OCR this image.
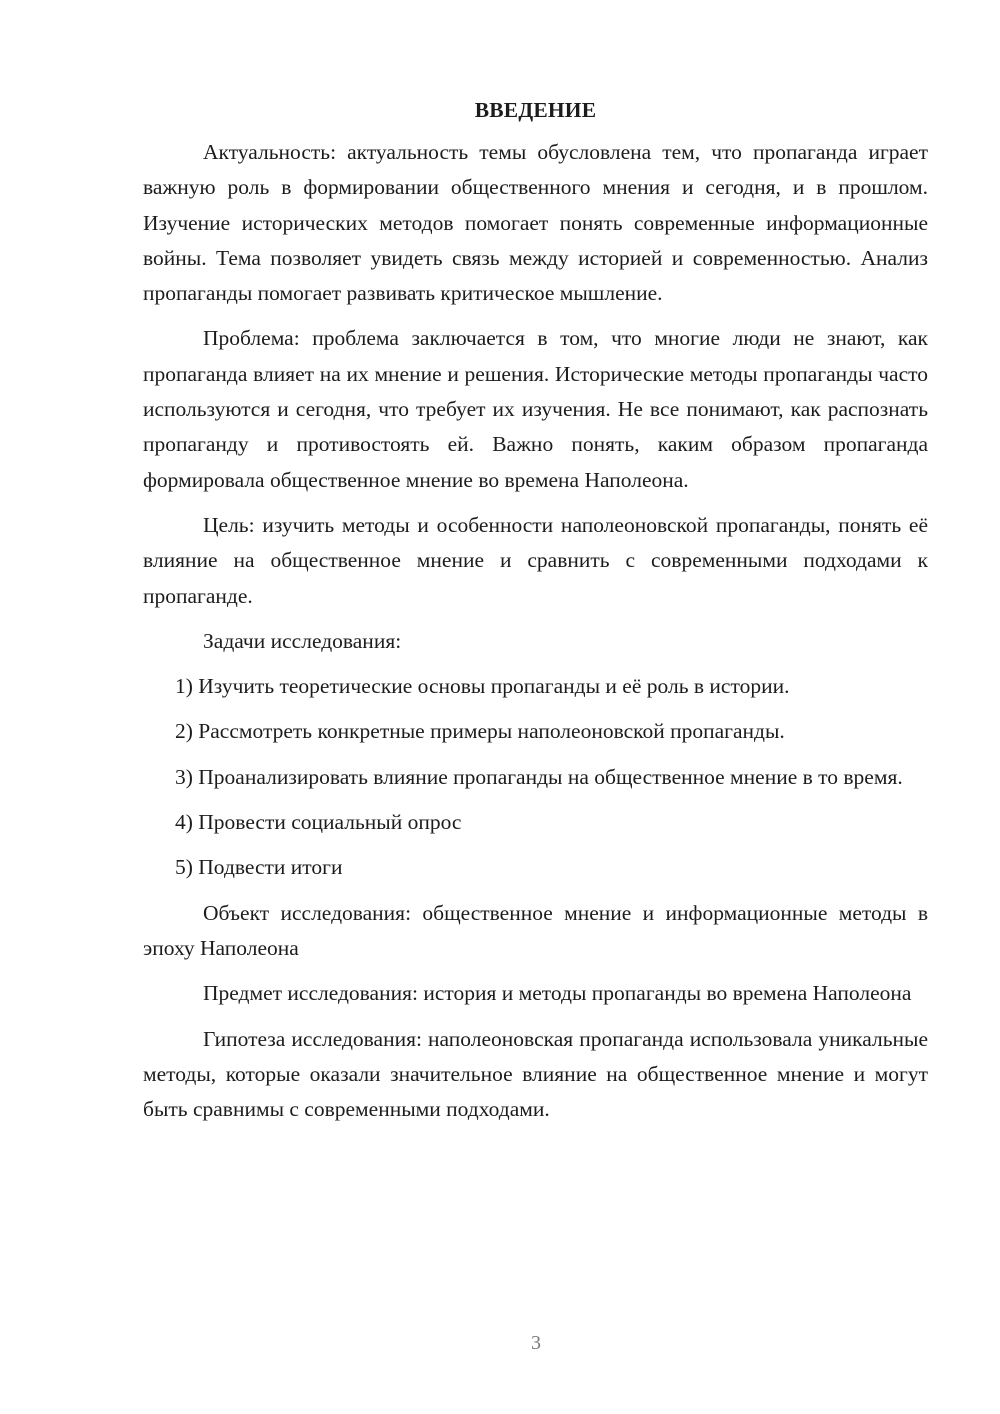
ВВЕДЕНИЕ

Актуальность: актуальность темы обусловлена тем, что пропаганда играет важную роль в формировании общественного мнения и сегодня, и в прошлом. Изучение исторических методов помогает понять современные информационные войны. Тема позволяет увидеть связь между историей и современностью. Анализ пропаганды помогает развивать критическое мышление.

Проблема: проблема заключается в том, что многие люди не знают, как пропаганда влияет на их мнение и решения. Исторические методы пропаганды часто используются и сегодня, что требует их изучения. Не все понимают, как распознать пропаганду и противостоять ей. Важно понять, каким образом пропаганда формировала общественное мнение во времена Наполеона.

Цель: изучить методы и особенности наполеоновской пропаганды, понять её влияние на общественное мнение и сравнить с современными подходами к пропаганде.

Задачи исследования:

1) Изучить теоретические основы пропаганды и её роль в истории.

2) Рассмотреть конкретные примеры наполеоновской пропаганды.

3) Проанализировать влияние пропаганды на общественное мнение в то время.

4) Провести социальный опрос

5) Подвести итоги

Объект исследования: общественное мнение и информационные методы в эпоху Наполеона

Предмет исследования: история и методы пропаганды во времена Наполеона

Гипотеза исследования: наполеоновская пропаганда использовала уникальные методы, которые оказали значительное влияние на общественное мнение и могут быть сравнимы с современными подходами.

3
